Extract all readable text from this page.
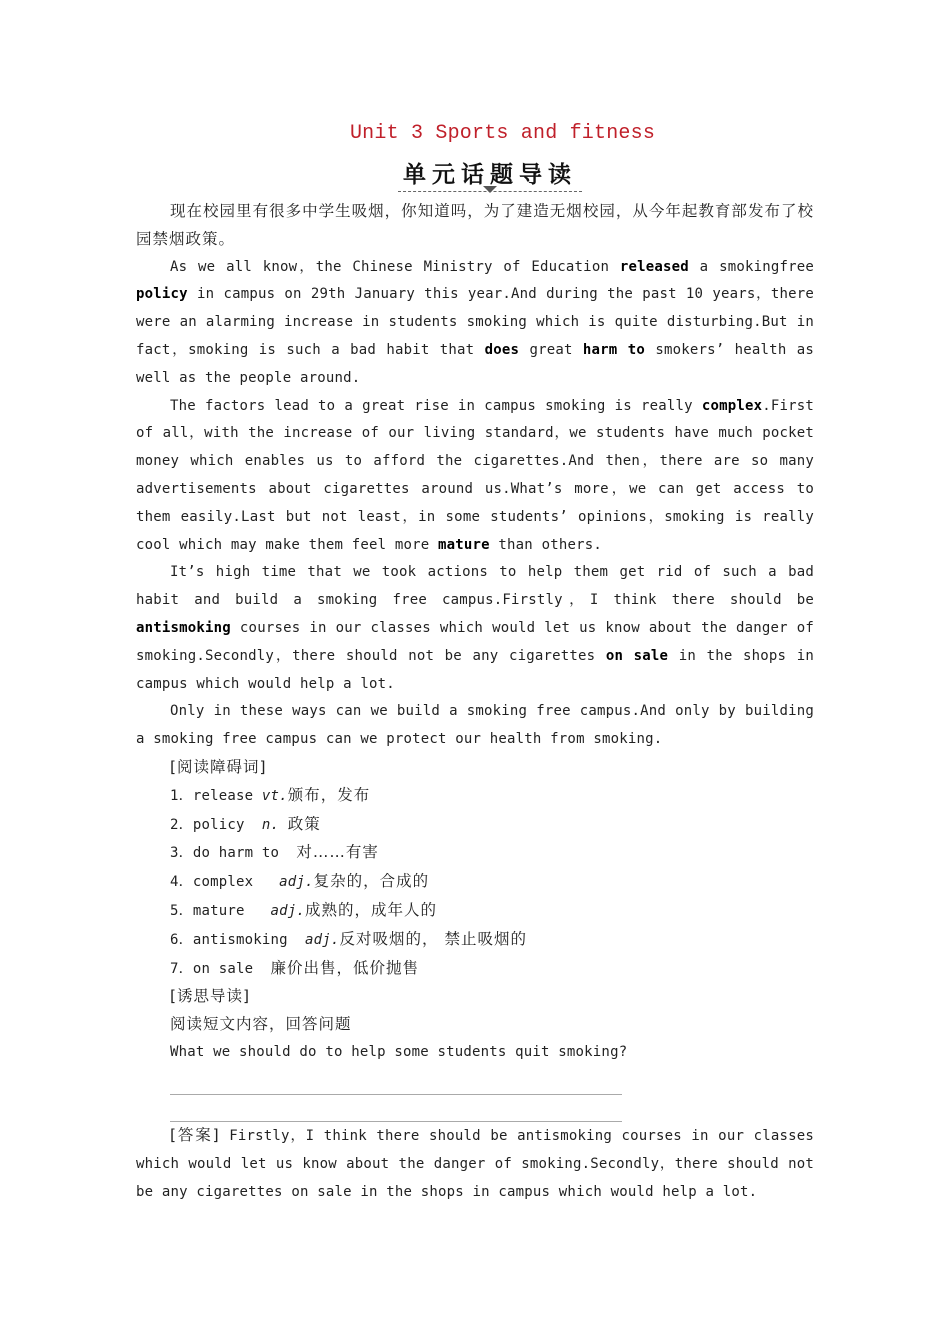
Unit 3 Sports and fitness
单元话题导读

现在校园里有很多中学生吸烟，你知道吗，为了建造无烟校园，从今年起教育部发布了校园禁烟政策。

As we all know，the Chinese Ministry of Education released a smokingfree policy in campus on 29th January this year.And during the past 10 years，there were an alarming increase in students smoking which is quite disturbing.But in fact，smoking is such a bad habit that does great harm to smokers’ health as well as the people around.

The factors lead to a great rise in campus smoking is really complex.First of all，with the increase of our living standard，we students have much pocket money which enables us to afford the cigarettes.And then，there are so many advertisements about cigarettes around us.What’s more，we can get access to them easily.Last but not least，in some students’ opinions，smoking is really cool which may make them feel more mature than others.

It’s high time that we took actions to help them get rid of such a bad habit and build a smoking free campus.Firstly，I think there should be antismoking courses in our classes which would let us know about the danger of smoking.Secondly，there should not be any cigarettes on sale in the shops in campus which would help a lot.

Only in these ways can we build a smoking free campus.And only by building a smoking free campus can we protect our health from smoking.

[阅读障碍词]

1．release vt.颁布，发布

2．policy  n. 政策

3．do harm to  对……有害

4．complex   adj.复杂的，合成的

5．mature   adj.成熟的，成年人的

6．antismoking  adj.反对吸烟的， 禁止吸烟的

7．on sale  廉价出售，低价抛售

[诱思导读]

阅读短文内容，回答问题

What we should do to help some students quit smoking?

[答案] Firstly，I think there should be antismoking courses in our classes which would let us know about the danger of smoking.Secondly，there should not be any cigarettes on sale in the shops in campus which would help a lot.
